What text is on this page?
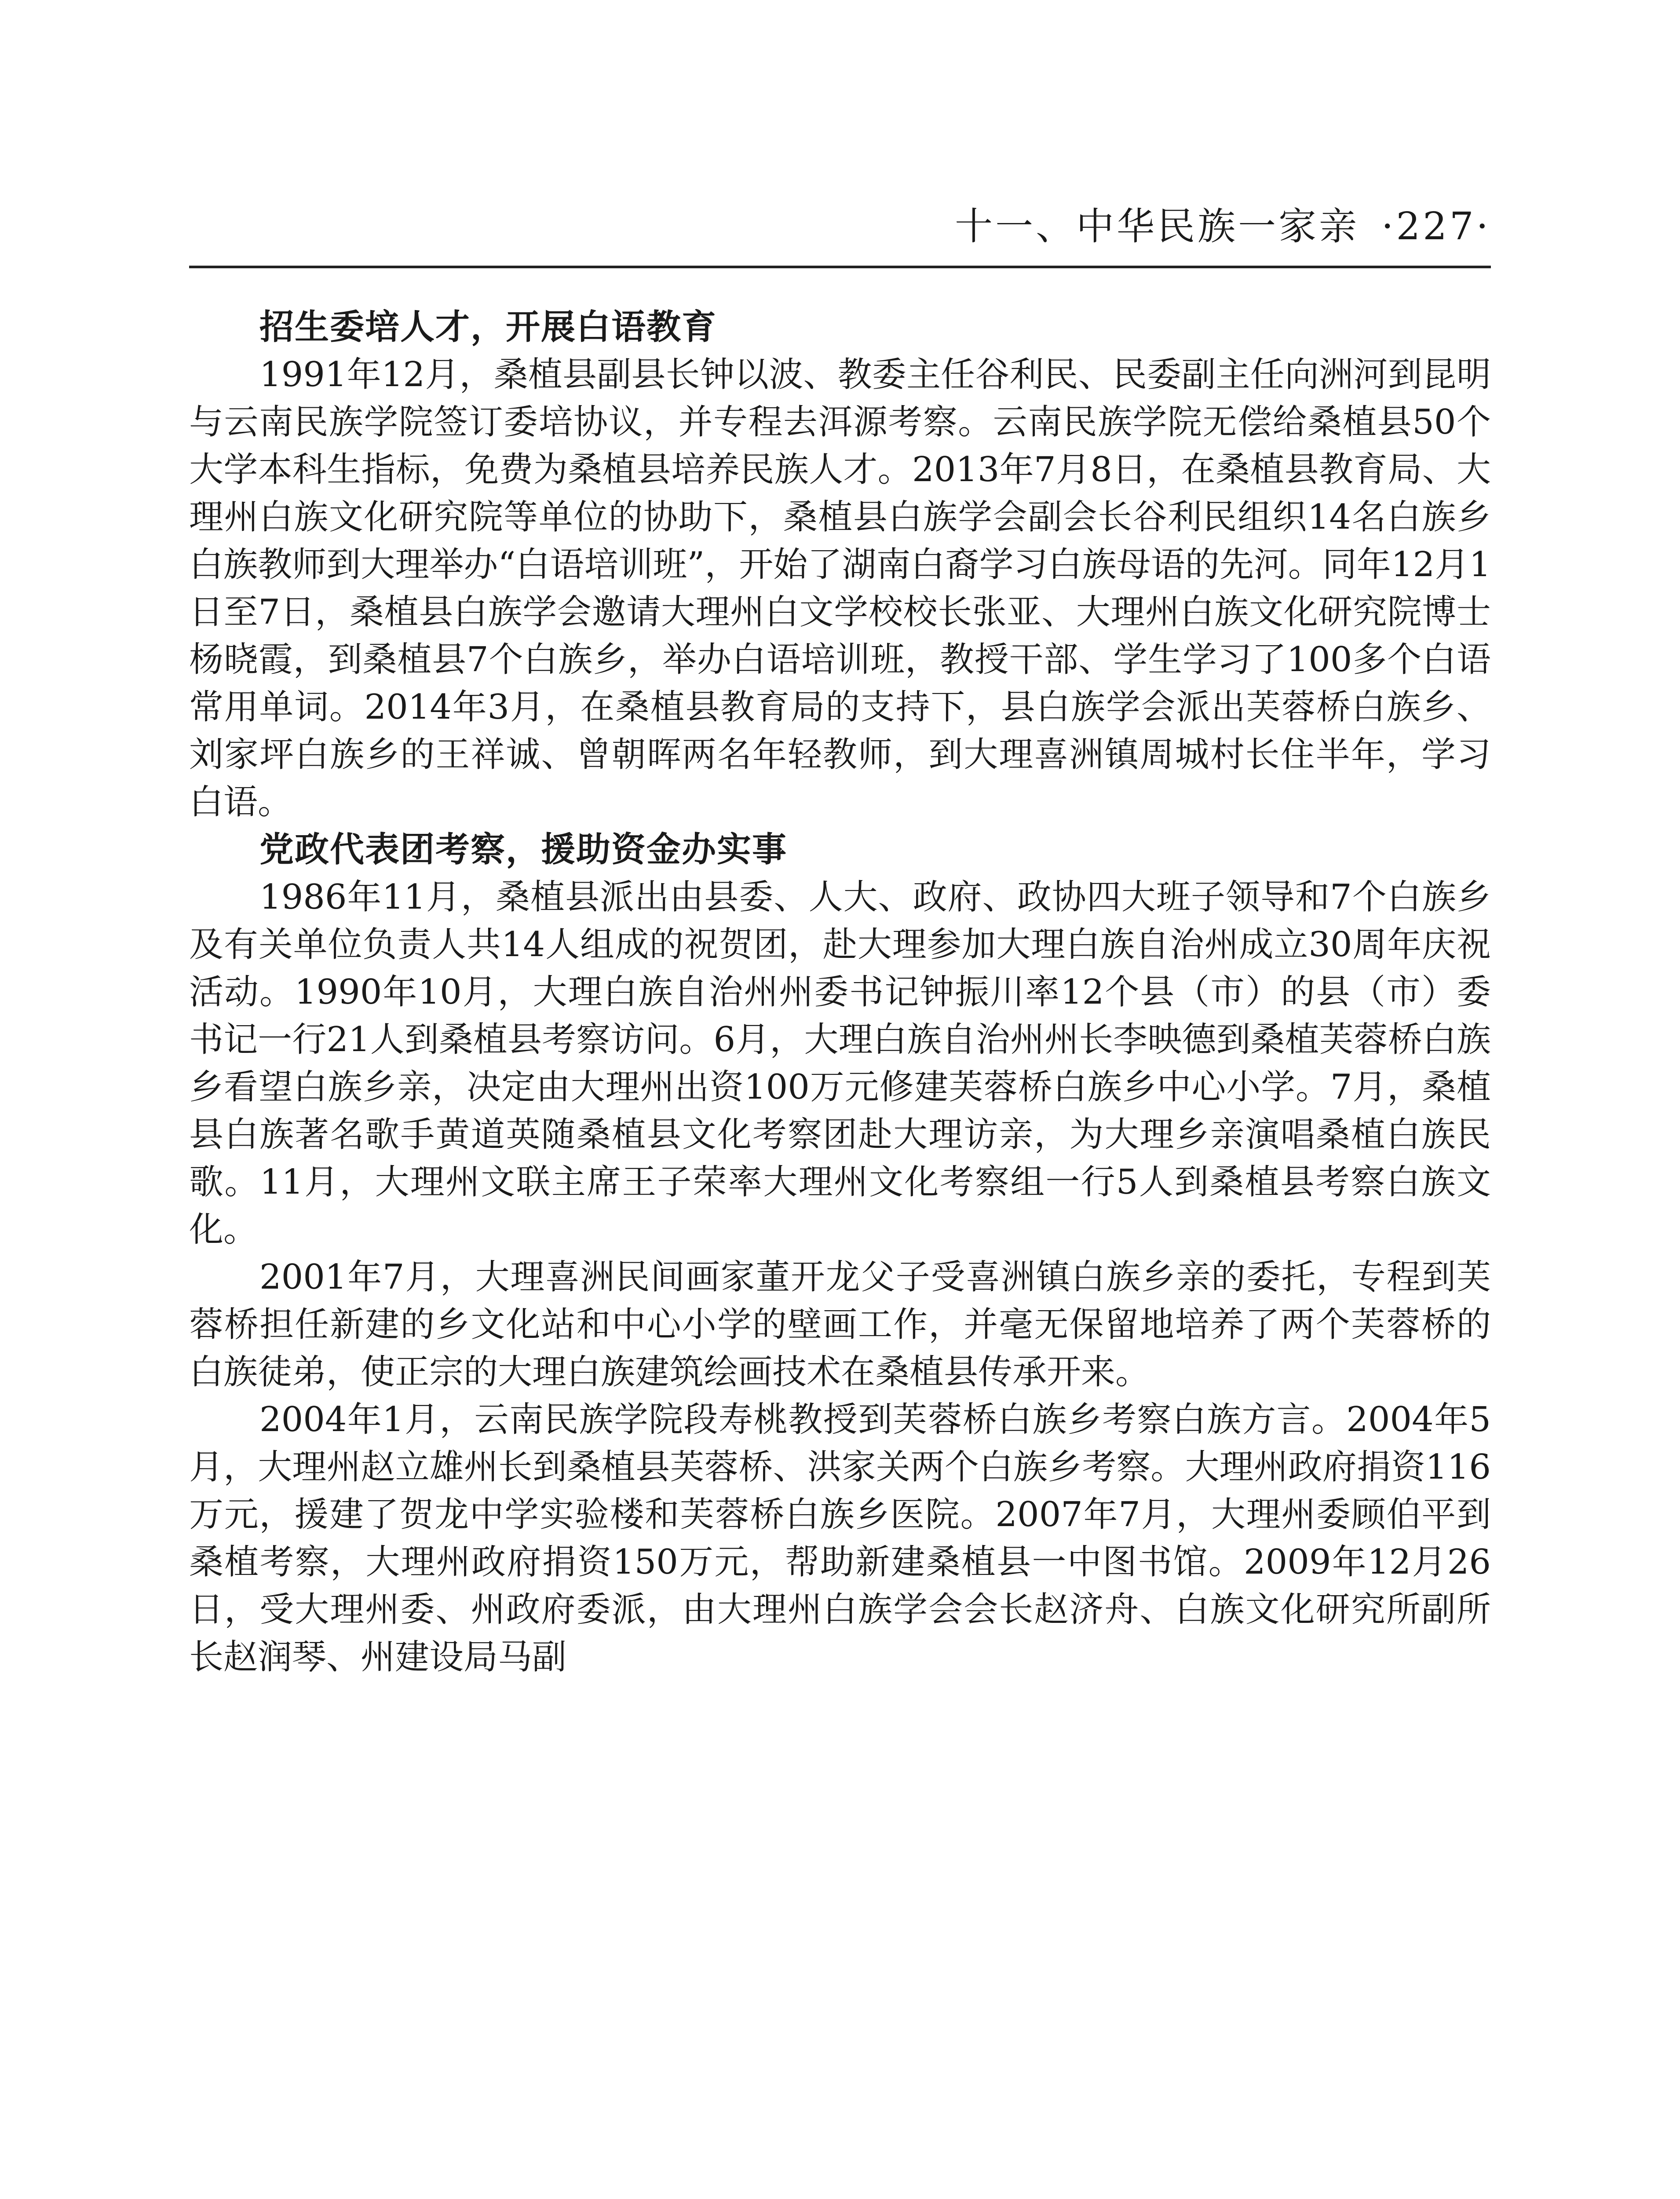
十一、中华民族一家亲 ·227·
招生委培人才，开展白语教育

1991年12月，桑植县副县长钟以波、教委主任谷利民、民委副主任向洲河到昆明与云南民族学院签订委培协议，并专程去洱源考察。云南民族学院无偿给桑植县50个大学本科生指标，免费为桑植县培养民族人才。2013年7月8日，在桑植县教育局、大理州白族文化研究院等单位的协助下，桑植县白族学会副会长谷利民组织14名白族乡白族教师到大理举办“白语培训班”，开始了湖南白裔学习白族母语的先河。同年12月1日至7日，桑植县白族学会邀请大理州白文学校校长张亚、大理州白族文化研究院博士杨晓霞，到桑植县7个白族乡，举办白语培训班，教授干部、学生学习了100多个白语常用单词。2014年3月，在桑植县教育局的支持下，县白族学会派出芙蓉桥白族乡、刘家坪白族乡的王祥诚、曾朝晖两名年轻教师，到大理喜洲镇周城村长住半年，学习白语。

党政代表团考察，援助资金办实事

1986年11月，桑植县派出由县委、人大、政府、政协四大班子领导和7个白族乡及有关单位负责人共14人组成的祝贺团，赴大理参加大理白族自治州成立30周年庆祝活动。1990年10月，大理白族自治州州委书记钟振川率12个县（市）的县（市）委书记一行21人到桑植县考察访问。6月，大理白族自治州州长李映德到桑植芙蓉桥白族乡看望白族乡亲，决定由大理州出资100万元修建芙蓉桥白族乡中心小学。7月，桑植县白族著名歌手黄道英随桑植县文化考察团赴大理访亲，为大理乡亲演唱桑植白族民歌。11月，大理州文联主席王子荣率大理州文化考察组一行5人到桑植县考察白族文化。

2001年7月，大理喜洲民间画家董开龙父子受喜洲镇白族乡亲的委托，专程到芙蓉桥担任新建的乡文化站和中心小学的壁画工作，并毫无保留地培养了两个芙蓉桥的白族徒弟，使正宗的大理白族建筑绘画技术在桑植县传承开来。

2004年1月，云南民族学院段寿桃教授到芙蓉桥白族乡考察白族方言。2004年5月，大理州赵立雄州长到桑植县芙蓉桥、洪家关两个白族乡考察。大理州政府捐资116万元，援建了贺龙中学实验楼和芙蓉桥白族乡医院。2007年7月，大理州委顾伯平到桑植考察，大理州政府捐资150万元，帮助新建桑植县一中图书馆。2009年12月26日，受大理州委、州政府委派，由大理州白族学会会长赵济舟、白族文化研究所副所长赵润琴、州建设局马副
